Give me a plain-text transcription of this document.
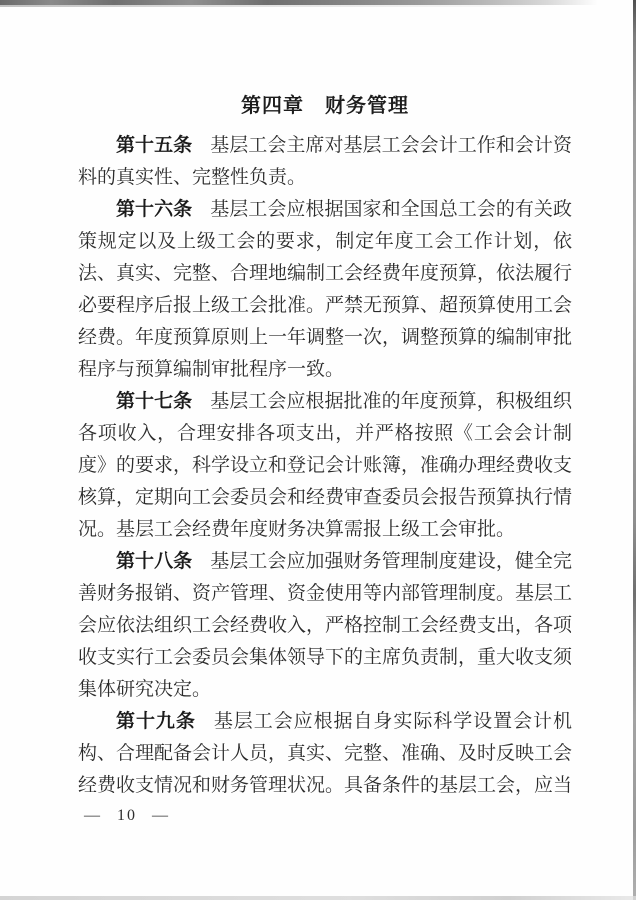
第四章　财务管理

第十五条 基层工会主席对基层工会会计工作和会计资料的真实性、完整性负责。

第十六条 基层工会应根据国家和全国总工会的有关政策规定以及上级工会的要求，制定年度工会工作计划，依法、真实、完整、合理地编制工会经费年度预算，依法履行必要程序后报上级工会批准。严禁无预算、超预算使用工会经费。年度预算原则上一年调整一次，调整预算的编制审批程序与预算编制审批程序一致。

第十七条 基层工会应根据批准的年度预算，积极组织各项收入，合理安排各项支出，并严格按照《工会会计制度》的要求，科学设立和登记会计账簿，准确办理经费收支核算，定期向工会委员会和经费审查委员会报告预算执行情况。基层工会经费年度财务决算需报上级工会审批。

第十八条 基层工会应加强财务管理制度建设，健全完善财务报销、资产管理、资金使用等内部管理制度。基层工会应依法组织工会经费收入，严格控制工会经费支出，各项收支实行工会委员会集体领导下的主席负责制，重大收支须集体研究决定。

第十九条 基层工会应根据自身实际科学设置会计机构、合理配备会计人员，真实、完整、准确、及时反映工会经费收支情况和财务管理状况。具备条件的基层工会，应当

— 10 —
